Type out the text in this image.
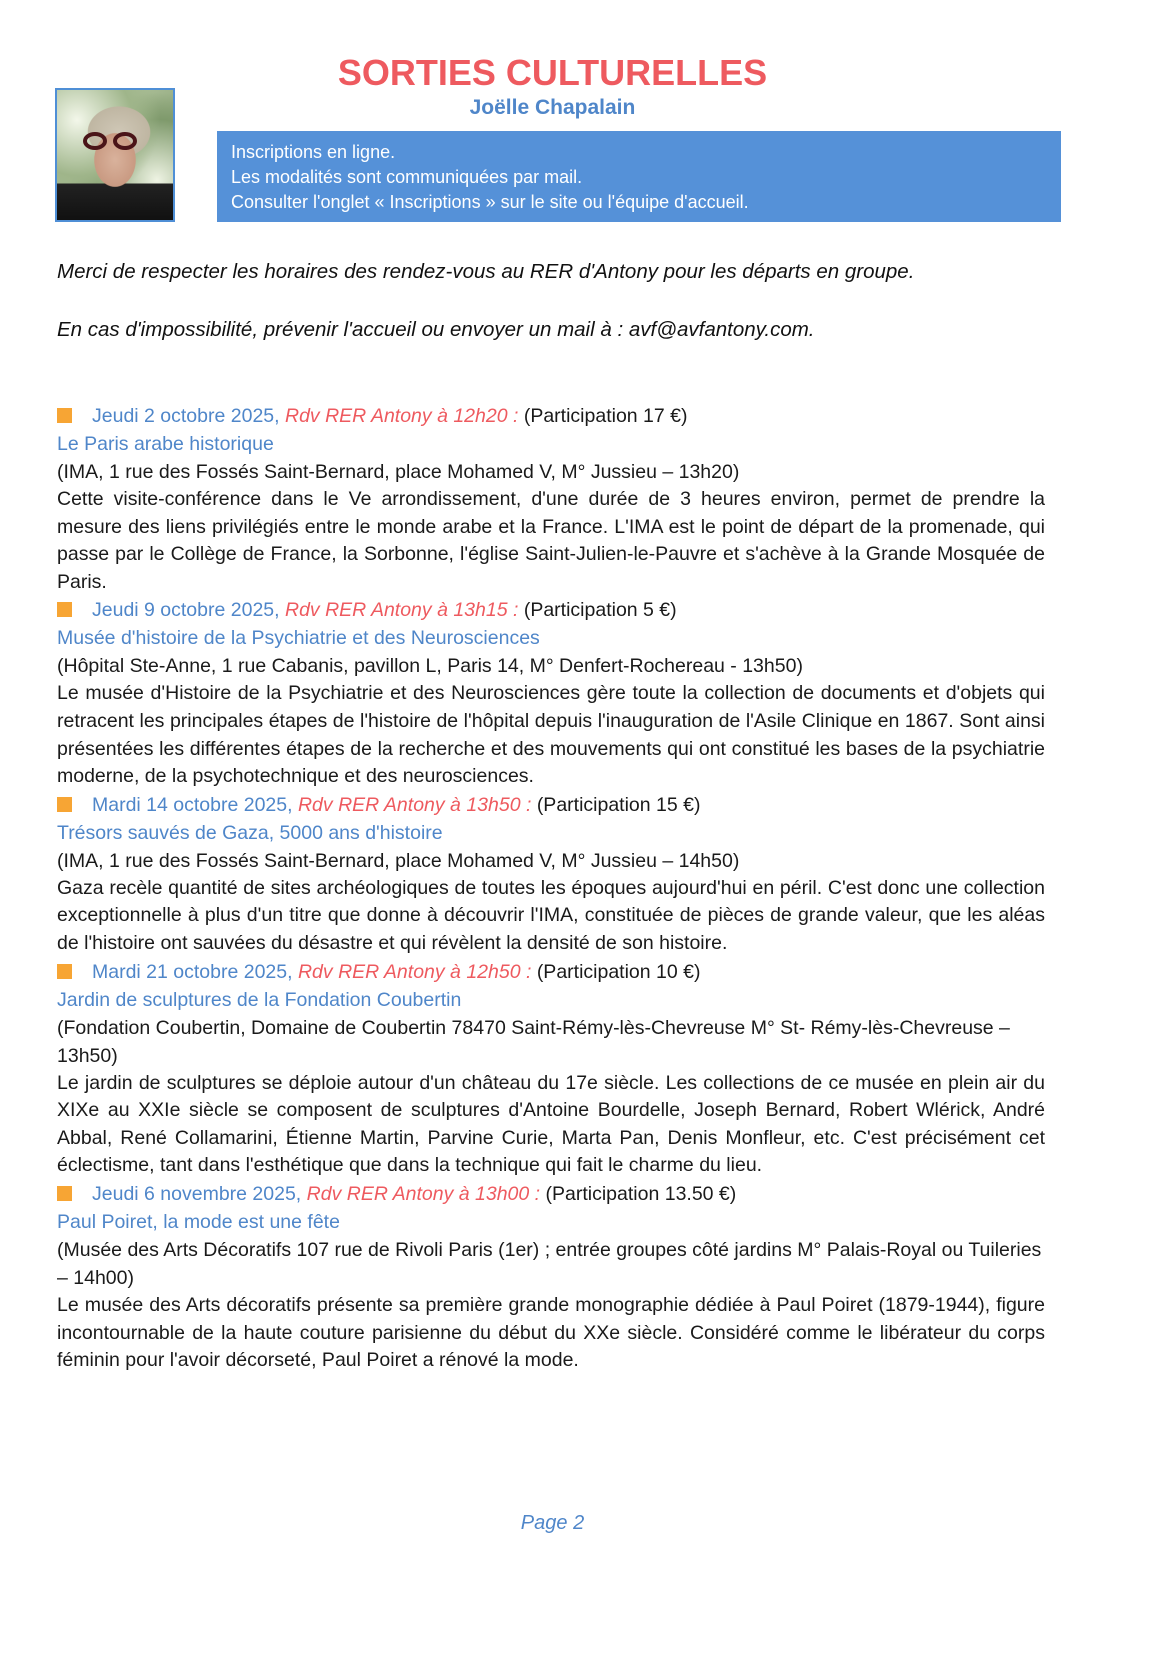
SORTIES CULTURELLES
Joëlle Chapalain
Inscriptions en ligne.
Les modalités sont communiquées par mail.
Consulter l'onglet « Inscriptions » sur le site ou l'équipe d'accueil.

Merci de respecter les horaires des rendez-vous au RER d'Antony pour les départs en groupe.

En cas d'impossibilité, prévenir l'accueil ou envoyer un mail à : avf@avfantony.com.

Jeudi 2 octobre 2025, Rdv RER Antony à 12h20 : (Participation 17 €)
Le Paris arabe historique
(IMA, 1 rue des Fossés Saint-Bernard, place Mohamed V, M° Jussieu – 13h20)
Cette visite-conférence dans le Ve arrondissement, d'une durée de 3 heures environ, permet de prendre la mesure des liens privilégiés entre le monde arabe et la France. L'IMA est le point de départ de la promenade, qui passe par le Collège de France, la Sorbonne, l'église Saint-Julien-le-Pauvre et s'achève à la Grande Mosquée de Paris.
Jeudi 9 octobre 2025, Rdv RER Antony à 13h15 : (Participation 5 €)
Musée d'histoire de la Psychiatrie et des Neurosciences
(Hôpital Ste-Anne, 1 rue Cabanis, pavillon L, Paris 14, M° Denfert-Rochereau - 13h50)
Le musée d'Histoire de la Psychiatrie et des Neurosciences gère toute la collection de documents et d'objets qui retracent les principales étapes de l'histoire de l'hôpital depuis l'inauguration de l'Asile Clinique en 1867. Sont ainsi présentées les différentes étapes de la recherche et des mouvements qui ont constitué les bases de la psychiatrie moderne, de la psychotechnique et des neurosciences.
Mardi 14 octobre 2025, Rdv RER Antony à 13h50 : (Participation 15 €)
Trésors sauvés de Gaza, 5000 ans d'histoire
(IMA, 1 rue des Fossés Saint-Bernard, place Mohamed V, M° Jussieu – 14h50)
Gaza recèle quantité de sites archéologiques de toutes les époques aujourd'hui en péril. C'est donc une collection exceptionnelle à plus d'un titre que donne à découvrir l'IMA, constituée de pièces de grande valeur, que les aléas de l'histoire ont sauvées du désastre et qui révèlent la densité de son histoire.
Mardi 21 octobre 2025, Rdv RER Antony à 12h50 : (Participation 10 €)
Jardin de sculptures de la Fondation Coubertin
(Fondation Coubertin, Domaine de Coubertin 78470 Saint-Rémy-lès-Chevreuse M° St- Rémy-lès-Chevreuse – 13h50)
Le jardin de sculptures se déploie autour d'un château du 17e siècle. Les collections de ce musée en plein air du XIXe au XXIe siècle se composent de sculptures d'Antoine Bourdelle, Joseph Bernard, Robert Wlérick, André Abbal, René Collamarini, Étienne Martin, Parvine Curie, Marta Pan, Denis Monfleur, etc. C'est précisément cet éclectisme, tant dans l'esthétique que dans la technique qui fait le charme du lieu.
Jeudi 6 novembre 2025, Rdv RER Antony à 13h00 : (Participation 13.50 €)
Paul Poiret, la mode est une fête
(Musée des Arts Décoratifs 107 rue de Rivoli Paris (1er) ; entrée groupes côté jardins M° Palais-Royal ou Tuileries – 14h00)
Le musée des Arts décoratifs présente sa première grande monographie dédiée à Paul Poiret (1879-1944), figure incontournable de la haute couture parisienne du début du XXe siècle. Considéré comme le libérateur du corps féminin pour l'avoir décorseté, Paul Poiret a rénové la mode.
Page 2
